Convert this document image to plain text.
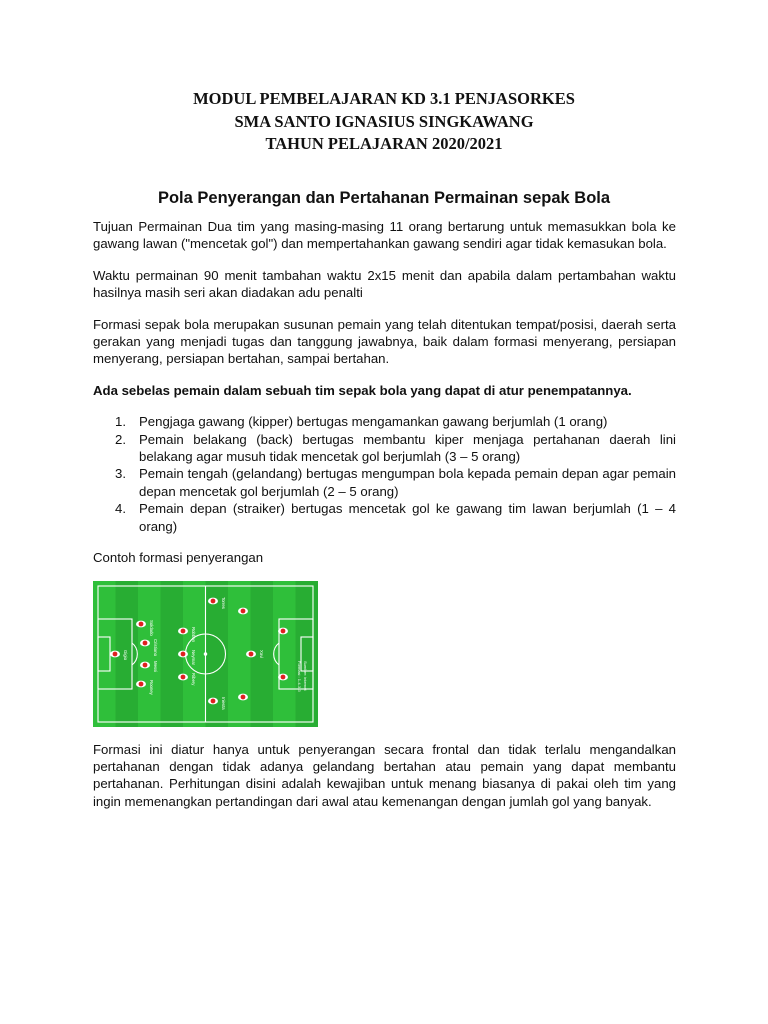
MODUL PEMBELAJARAN KD 3.1 PENJASORKES
SMA SANTO IGNASIUS SINGKAWANG
TAHUN PELAJARAN 2020/2021
Pola Penyerangan dan Pertahanan Permainan sepak Bola

Tujuan Permainan Dua tim yang masing-masing 11 orang bertarung untuk memasukkan bola ke gawang lawan ("mencetak gol") dan mempertahankan gawang sendiri agar tidak kemasukan bola.

Waktu permainan 90 menit tambahan waktu 2x15 menit dan apabila dalam pertambahan waktu hasilnya masih seri akan diadakan adu penalti

Formasi sepak bola merupakan susunan pemain yang telah ditentukan tempat/posisi, daerah serta gerakan yang menjadi tugas dan tanggung jawabnya, baik dalam formasi menyerang, persiapan menyerang, persiapan bertahan, sampai bertahan.

Ada sebelas pemain dalam sebuah tim sepak bola yang dapat di atur penempatannya.

1. Pengjaga gawang (kipper) bertugas mengamankan gawang berjumlah (1 orang)
2. Pemain belakang (back) bertugas membantu kiper menjaga pertahanan daerah lini belakang agar musuh tidak mencetak gol berjumlah (3 – 5 orang)
3. Pemain tengah (gelandang) bertugas mengumpan bola kepada pemain depan agar pemain depan mencetak gol berjumlah (2 – 5 orang)
4. Pemain depan (straiker) bertugas mencetak gol ke gawang tim lawan berjumlah (1 – 4 orang)

Contoh formasi penyerangan

Gigio
Soldado
Cristiano
Messi
Rooney
Robben
Neymar
Ribery
Torres
Iniesta
Xavi
Formasi : 1-4-3-3 Sumber: internet

Formasi ini diatur hanya untuk penyerangan secara frontal dan tidak terlalu mengandalkan pertahanan dengan tidak adanya gelandang bertahan atau pemain yang dapat membantu pertahanan. Perhitungan disini adalah kewajiban untuk menang biasanya di pakai oleh tim yang ingin memenangkan pertandingan dari awal atau kemenangan dengan jumlah gol yang banyak.
